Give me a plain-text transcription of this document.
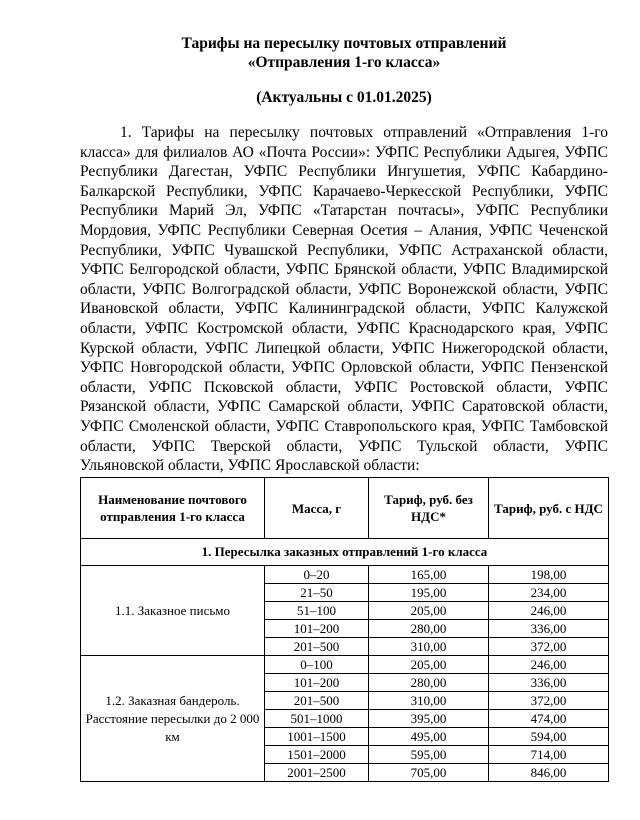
Тарифы на пересылку почтовых отправлений
«Отправления 1-го класса»
(Актуальны с 01.01.2025)

1. Тарифы на пересылку почтовых отправлений «Отправления 1-го класса» для филиалов АО «Почта России»: УФПС Республики Адыгея, УФПС Республики Дагестан, УФПС Республики Ингушетия, УФПС Кабардино-Балкарской Республики, УФПС Карачаево-Черкесской Республики, УФПС Республики Марий Эл, УФПС «Татарстан почтасы», УФПС Республики Мордовия, УФПС Республики Северная Осетия – Алания, УФПС Чеченской Республики, УФПС Чувашской Республики, УФПС Астраханской области, УФПС Белгородской области, УФПС Брянской области, УФПС Владимирской области, УФПС Волгоградской области, УФПС Воронежской области, УФПС Ивановской области, УФПС Калининградской области, УФПС Калужской области, УФПС Костромской области, УФПС Краснодарского края, УФПС Курской области, УФПС Липецкой области, УФПС Нижегородской области, УФПС Новгородской области, УФПС Орловской области, УФПС Пензенской области, УФПС Псковской области, УФПС Ростовской области, УФПС Рязанской области, УФПС Самарской области, УФПС Саратовской области, УФПС Смоленской области, УФПС Ставропольского края, УФПС Тамбовской области, УФПС Тверской области, УФПС Тульской области, УФПС Ульяновской области, УФПС Ярославской области:

Наименование почтового отправления 1-го класса	Масса, г	Тариф, руб. без НДС*	Тариф, руб. с НДС
1. Пересылка заказных отправлений 1-го класса			
1.1. Заказное письмо	0–20	165,00	198,00
	21–50	195,00	234,00
	51–100	205,00	246,00
	101–200	280,00	336,00
	201–500	310,00	372,00
1.2. Заказная бандероль. Расстояние пересылки до 2 000 км	0–100	205,00	246,00
	101–200	280,00	336,00
	201–500	310,00	372,00
	501–1000	395,00	474,00
	1001–1500	495,00	594,00
	1501–2000	595,00	714,00
	2001–2500	705,00	846,00
